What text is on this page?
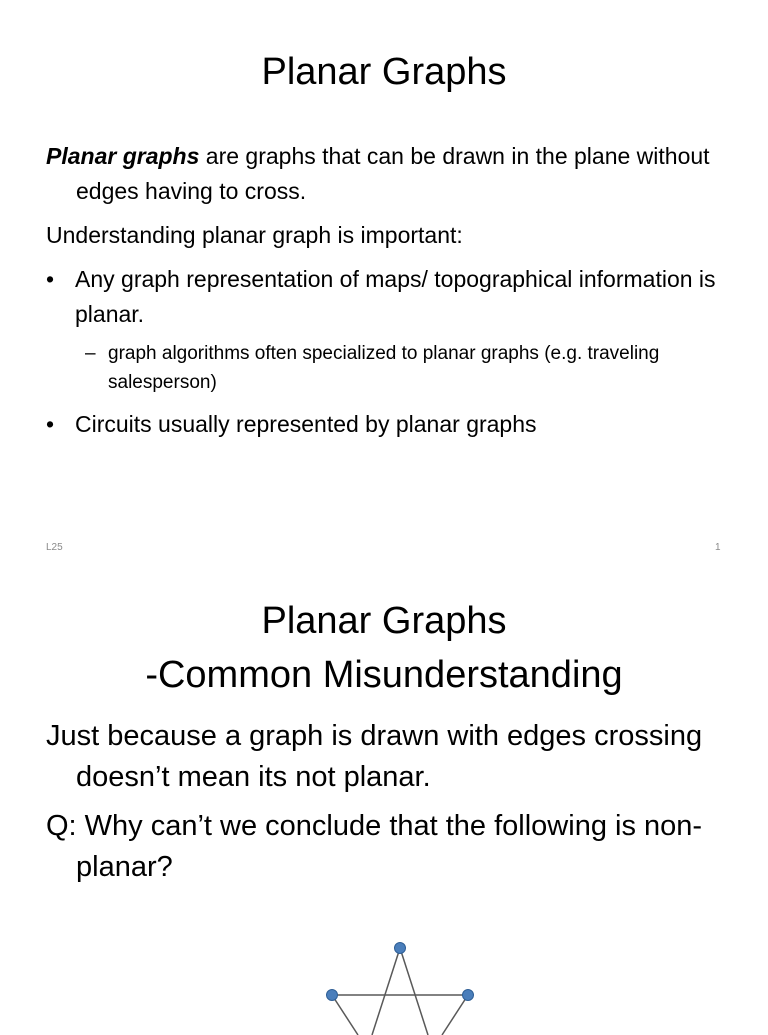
Planar Graphs

Planar graphs are graphs that can be drawn in the plane without edges having to cross.

Understanding planar graph is important:

• Any graph representation of maps/ topographical information is planar.
– graph algorithms often specialized to planar graphs (e.g. traveling salesperson)
• Circuits usually represented by planar graphs
L25	1
Planar Graphs
-Common Misunderstanding

Just because a graph is drawn with edges crossing doesn’t mean its not planar.

Q: Why can’t we conclude that the following is non-planar?
